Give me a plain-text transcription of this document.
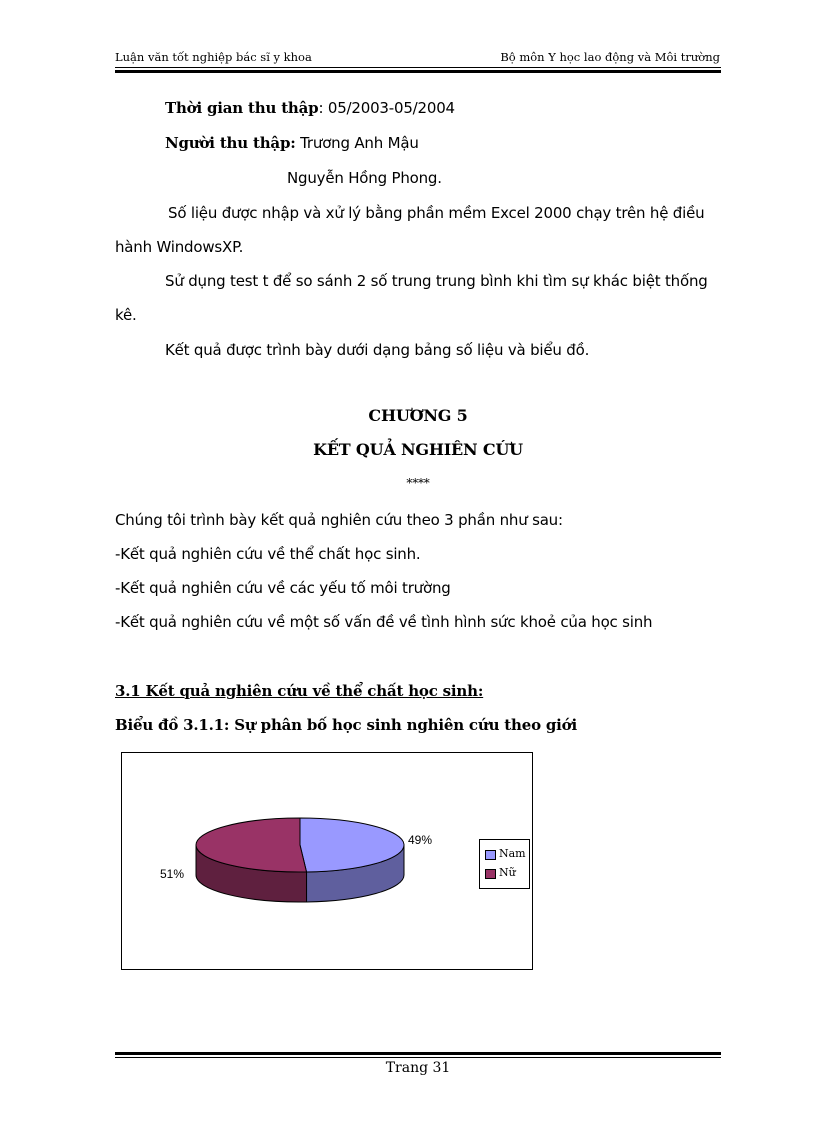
Luận văn tốt nghiệp bác sĩ y khoa	Bộ môn Y học lao động và Môi trường
Thời gian thu thập: 05/2003-05/2004
Người thu thập: Trương Anh Mậu
Nguyễn Hồng Phong.
Số liệu được nhập và xử lý bằng phần mềm Excel 2000 chạy trên hệ điều
hành WindowsXP.
Sử dụng test t để so sánh 2 số trung trung bình khi tìm sự khác biệt thống
kê.
Kết quả được trình bày dưới dạng bảng số liệu và biểu đồ.
CHƯƠNG 5
KẾT QUẢ NGHIÊN CỨU
****
Chúng tôi trình bày kết quả nghiên cứu theo 3 phần như sau:
-Kết quả nghiên cứu về thể chất học sinh.
-Kết quả nghiên cứu về các yếu tố môi trường
-Kết quả nghiên cứu về một số vấn đề về tình hình sức khoẻ của học sinh
3.1 Kết quả nghiên cứu về thể chất học sinh:
Biểu đồ 3.1.1: Sự phân bố học sinh nghiên cứu theo giới
49%
51%
Nam
Nữ
Trang 31
